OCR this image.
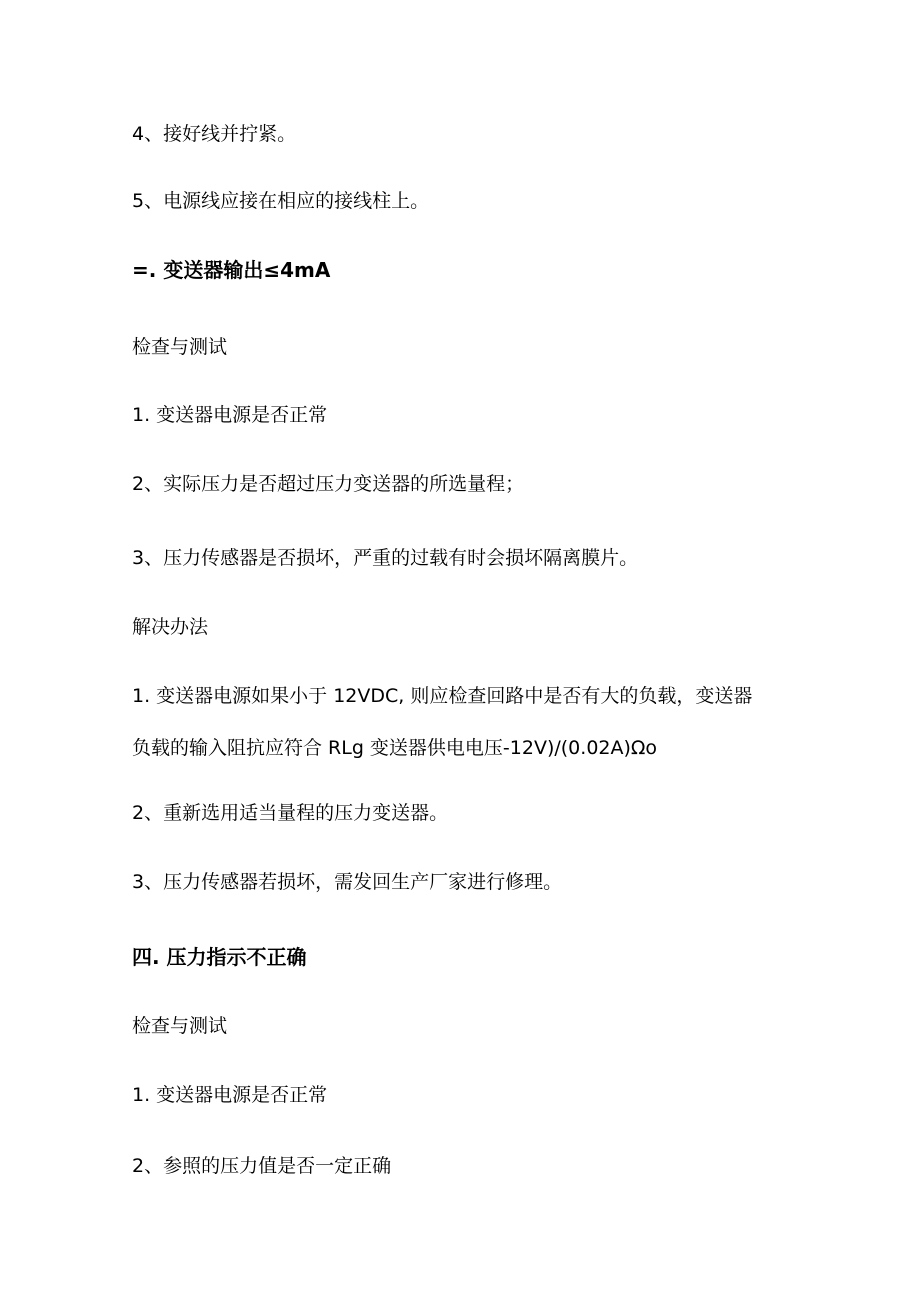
4、接好线并拧紧。

5、电源线应接在相应的接线柱上。

=. 变送器输出≤4mA

检查与测试

1. 变送器电源是否正常

2、实际压力是否超过压力变送器的所选量程；

3、压力传感器是否损坏，严重的过载有时会损坏隔离膜片。

解决办法

1. 变送器电源如果小于 12VDC, 则应检查回路中是否有大的负载，变送器

负载的输入阻抗应符合 RLg 变送器供电电压-12V)/(0.02A)Ωo

2、重新选用适当量程的压力变送器。

3、压力传感器若损坏，需发回生产厂家进行修理。

四. 压力指示不正确

检查与测试

1. 变送器电源是否正常

2、参照的压力值是否一定正确
